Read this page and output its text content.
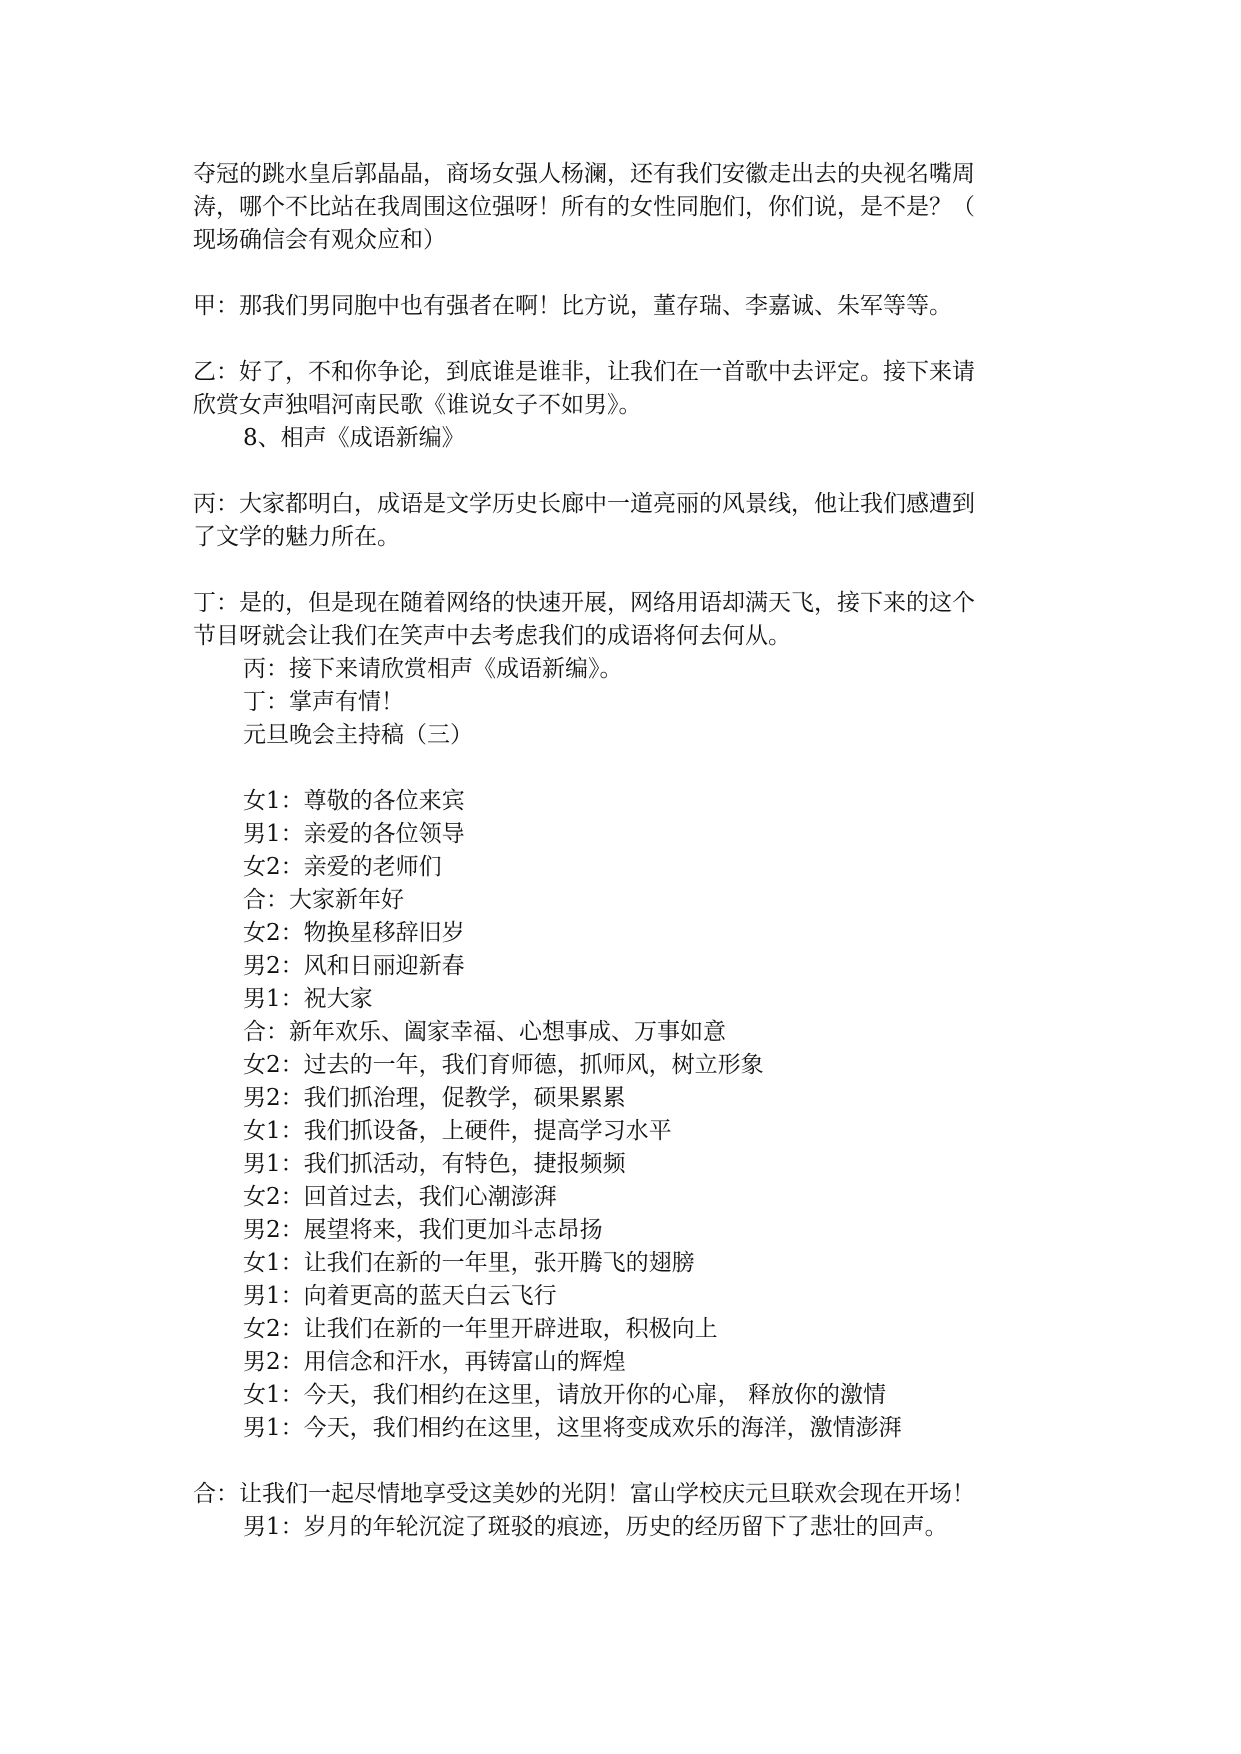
夺冠的跳水皇后郭晶晶，商场女强人杨澜，还有我们安徽走出去的央视名嘴周

涛，哪个不比站在我周围这位强呀！所有的女性同胞们，你们说，是不是？（

现场确信会有观众应和）

甲：那我们男同胞中也有强者在啊！比方说，董存瑞、李嘉诚、朱军等等。

乙：好了，不和你争论，到底谁是谁非，让我们在一首歌中去评定。接下来请

欣赏女声独唱河南民歌《谁说女子不如男》。

8、相声《成语新编》

丙：大家都明白，成语是文学历史长廊中一道亮丽的风景线，他让我们感遭到

了文学的魅力所在。

丁：是的，但是现在随着网络的快速开展，网络用语却满天飞，接下来的这个

节目呀就会让我们在笑声中去考虑我们的成语将何去何从。

丙：接下来请欣赏相声《成语新编》。

丁：掌声有情！

元旦晚会主持稿（三）

女1：尊敬的各位来宾

男1：亲爱的各位领导

女2：亲爱的老师们

合：大家新年好

女2：物换星移辞旧岁

男2：风和日丽迎新春

男1：祝大家

合：新年欢乐、阖家幸福、心想事成、万事如意

女2：过去的一年，我们育师德，抓师风，树立形象

男2：我们抓治理，促教学，硕果累累

女1：我们抓设备，上硬件，提高学习水平

男1：我们抓活动，有特色，捷报频频

女2：回首过去，我们心潮澎湃

男2：展望将来，我们更加斗志昂扬

女1：让我们在新的一年里，张开腾飞的翅膀

男1：向着更高的蓝天白云飞行

女2：让我们在新的一年里开辟进取，积极向上

男2：用信念和汗水，再铸富山的辉煌

女1：今天，我们相约在这里，请放开你的心扉， 释放你的激情

男1：今天，我们相约在这里，这里将变成欢乐的海洋，激情澎湃

合：让我们一起尽情地享受这美妙的光阴！富山学校庆元旦联欢会现在开场！

男1：岁月的年轮沉淀了斑驳的痕迹，历史的经历留下了悲壮的回声。
